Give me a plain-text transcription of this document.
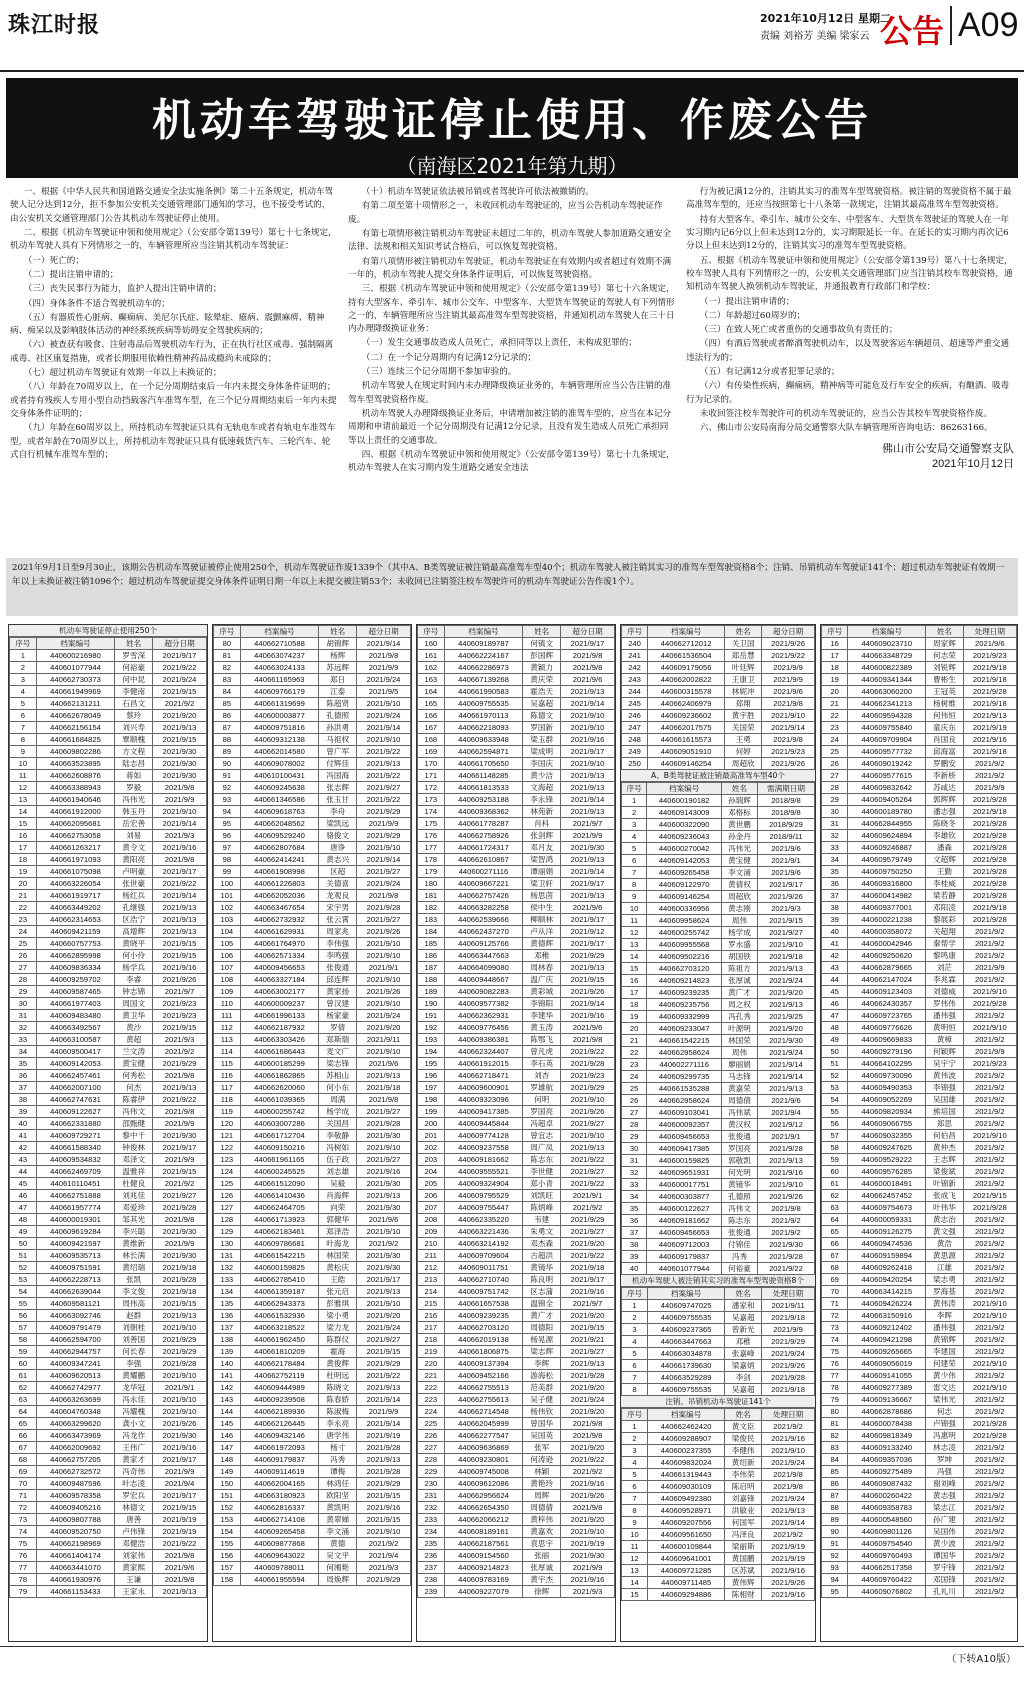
珠江时报	2021年10月12日 星期二
责编 刘裕芳 美编 梁家云 公告 A09
机动车驾驶证停止使用、作废公告
（南海区2021年第九期）

一、根据《中华人民共和国道路交通安全法实施条例》第二十五条规定，机动车驾驶人记分达到12分，拒不参加公安机关交通管理部门通知的学习，也不接受考试的，由公安机关交通管理部门公告其机动车驾驶证停止使用。

二、根据《机动车驾驶证申领和使用规定》（公安部令第139号）第七十七条规定，机动车驾驶人具有下列情形之一的，车辆管理所应当注销其机动车驾驶证：

（一）死亡的；

（二）提出注销申请的；

（三）丧失民事行为能力，监护人提出注销申请的；

（四）身体条件不适合驾驶机动车的；

（五）有器质性心脏病、癫痫病、美尼尔氏症、眩晕症、癔病、震颤麻痹、精神病、痴呆以及影响肢体活动的神经系统疾病等妨碍安全驾驶疾病的；

（六）被查获有吸食、注射毒品后驾驶机动车行为，正在执行社区戒毒、强制隔离戒毒、社区康复措施，或者长期服用依赖性精神药品成瘾尚未戒除的；

（七）超过机动车驾驶证有效期一年以上未换证的；

（八）年龄在70周岁以上，在一个记分周期结束后一年内未提交身体条件证明的；或者持有残疾人专用小型自动挡载客汽车准驾车型，在三个记分周期结束后一年内未提交身体条件证明的；

（九）年龄在60周岁以上，所持机动车驾驶证只具有无轨电车或者有轨电车准驾车型，或者年龄在70周岁以上，所持机动车驾驶证只具有低速载货汽车、三轮汽车、轮式自行机械车准驾车型的；

（十）机动车驾驶证依法被吊销或者驾驶许可依法被撤销的。

有第二项至第十项情形之一，未收回机动车驾驶证的，应当公告机动车驾驶证作废。

有第七项情形被注销机动车驾驶证未超过二年的，机动车驾驶人参加道路交通安全法律、法规和相关知识考试合格后，可以恢复驾驶资格。

有第八项情形被注销机动车驾驶证，机动车驾驶证在有效期内或者超过有效期不满一年的，机动车驾驶人提交身体条件证明后，可以恢复驾驶资格。

三、根据《机动车驾驶证申领和使用规定》（公安部令第139号）第七十六条规定，持有大型客车、牵引车、城市公交车、中型客车、大型货车驾驶证的驾驶人有下列情形之一的，车辆管理所应当注销其最高准驾车型驾驶资格，并通知机动车驾驶人在三十日内办理降级换证业务：

（一）发生交通事故造成人员死亡，承担同等以上责任，未构成犯罪的；

（二）在一个记分周期内有记满12分记录的；

（三）连续三个记分周期不参加审验的。

机动车驾驶人在规定时间内未办理降级换证业务的，车辆管理所应当公告注销的准驾车型驾驶资格作废。

机动车驾驶人办理降级换证业务后，申请增加被注销的准驾车型的，应当在本记分周期和申请前最近一个记分周期没有记满12分记录，且没有发生造成人员死亡承担同等以上责任的交通事故。

四、根据《机动车驾驶证申领和使用规定》（公安部令第139号）第七十九条规定，机动车驾驶人在实习期内发生道路交通安全违法

行为被记满12分的，注销其实习的准驾车型驾驶资格。被注销的驾驶资格不属于最高准驾车型的，还应当按照第七十八条第一款规定，注销其最高准驾车型驾驶资格。

持有大型客车、牵引车、城市公交车、中型客车、大型货车驾驶证的驾驶人在一年实习期内记6分以上但未达到12分的，实习期限延长一年。在延长的实习期内再次记6分以上但未达到12分的，注销其实习的准驾车型驾驶资格。

五、根据《机动车驾驶证申领和使用规定》（公安部令第139号）第八十七条规定，校车驾驶人具有下列情形之一的，公安机关交通管理部门应当注销其校车驾驶资格，通知机动车驾驶人换领机动车驾驶证，并通报教育行政部门和学校：

（一）提出注销申请的；

（二）年龄超过60周岁的；

（三）在致人死亡或者重伤的交通事故负有责任的；

（四）有酒后驾驶或者醉酒驾驶机动车，以及驾驶客运车辆超员、超速等严重交通违法行为的；

（五）有记满12分或者犯罪记录的；

（六）有传染性疾病，癫痫病，精神病等可能危及行车安全的疾病，有酗酒、吸毒行为记录的。

未收回签注校车驾驶许可的机动车驾驶证的，应当公告其校车驾驶资格作废。

六、佛山市公安局南海分局交通警察大队车辆管理所咨询电话：86263166。

佛山市公安局交通警察支队
2021年10月12日
2021年9月1日至9月30止，该期公告机动车驾驶证被停止使用250个，机动车驾驶证作废1339个（其中A、B类驾驶证被注销最高准驾车型40个；机动车驾驶人被注销其实习的准驾车型驾驶资格8个；注销、吊销机动车驾驶证141个；超过机动车驾驶证有效期一年以上未换证被注销1096个；超过机动车驾驶证提交身体条件证明日期一年以上未提交被注销53个；未收回已注销签注校车驾驶许可的机动车驾驶证公告作废1个）。
机动车驾驶证停止使用250个
序号	档案编号	姓名	超分日期
1	440600216980	罗雪深	2021/9/17
2	440601077944	何裕豪	2021/9/22
3	440662730373	何中昆	2021/9/24
4	440661949969	李健南	2021/9/15
5	440662131211	石昌文	2021/9/2
6	440662678049	蔡玲	2021/9/20
7	440662156154	刘兴寿	2021/9/13
8	440661684825	覃顺槐	2021/9/15
9	440609802286	方文程	2021/9/30
10	440663523895	陆志昌	2021/9/30
11	440662608876	蒋如	2021/9/30
12	440663388943	罗毅	2021/9/8
13	440661940646	冯伟光	2021/9/9
14	440661912000	韩玉丹	2021/9/10
15	440662095681	岳宏善	2021/9/14
16	440662753058	刘易	2021/9/3
17	440661263217	黄令文	2021/9/16
18	440661971093	黄阳亮	2021/9/8
19	440661075098	卢明豪	2021/9/17
20	440663226054	张世豪	2021/9/22
21	440661919717	杨红兵	2021/9/14
22	440663449202	孔继强	2021/9/13
23	440662314653	区浩宁	2021/9/13
24	440609421159	高增辉	2021/9/13
25	440660757753	黄晓平	2021/9/15
26	440662895998	何小伶	2021/9/15
27	440609836334	杨学兵	2021/9/16
28	440609259702	李睿	2021/9/26
29	440609587465	钟志锦	2021/9/7
30	440661977403	周国文	2021/9/23
31	440609483480	黄卫华	2021/9/23
32	440663492567	黄沙	2021/9/15
33	440663100587	黄超	2021/9/3
34	440609500417	兰文涛	2021/9/2
35	440609142053	黄宝健	2021/9/29
36	440662457461	何秀松	2021/9/8
37	440662007100	何杰	2021/9/13
38	440662747631	陈睿伊	2021/9/22
39	440609122627	冯伟文	2021/9/8
40	440662331880	邵甄健	2021/9/9
41	440609729271	黎中千	2021/9/30
42	440661588340	钟俊林	2021/9/17
43	440609534832	邓泽文	2021/9/9
44	440662469709	温雅祥	2021/9/15
45	440610110451	杜健良	2021/9/2
46	440662751888	刘兆佳	2021/9/27
47	440661957774	邓爱珍	2021/9/28
48	440600019301	邹其光	2021/9/8
49	440609619284	李兴聪	2021/9/30
50	440609421597	黄维新	2021/9/9
51	440609535713	林长满	2021/9/30
52	440609751591	黄绍瑞	2021/9/18
53	440662228713	张凯	2021/9/28
54	440662639044	李文俊	2021/9/18
55	440609581121	周伟高	2021/9/15
56	440663092746	赵群	2021/9/13
57	440609791479	刘朝桂	2021/9/10
58	440662594700	刘善国	2021/9/29
59	440662944757	何长春	2021/9/29
60	440609347241	李强	2021/9/28
61	440609620513	黄耀鹏	2021/9/10
62	440662742977	龙华冠	2021/9/1
63	440663263699	冯永佳	2021/9/10
64	440604760348	冯耀槐	2021/9/10
65	440663299620	龚小文	2021/9/26
66	440663473969	冯龙作	2021/9/30
67	440662009692	王伟广	2021/9/16
68	440662757205	黄家才	2021/9/17
69	440662732572	冯奇伟	2021/9/9
70	440609487596	叶志凌	2021/9/4
71	440609578358	罗宏兵	2021/9/17
72	440609405216	林德文	2021/9/15
73	440609807788	唐善	2021/9/19
74	440609520750	卢伟锋	2021/9/19
75	440662198969	邓健浩	2021/9/22
76	440661404174	刘家伟	2021/9/8
77	440663441070	黄家熙	2021/9/6
78	440661930976	王谦	2021/9/8
79	440661153433	王家永	2021/9/13
序号	档案编号	姓名	超分日期
80	440662710588	胡锦辉	2021/9/14
81	440663074237	杨辉	2021/9/8
82	440663024133	苏远辉	2021/9/9
83	440661165963	郑日	2021/9/24
84	440609766179	江泰	2021/9/5
85	440661319699	陈超贤	2021/9/10
86	440600003877	孔德照	2021/9/24
87	440609751816	孙洪勇	2021/9/14
88	440609312138	马祖权	2021/9/10
89	440662014580	曾广军	2021/9/22
90	440609078002	付辉佳	2021/9/13
91	440610100431	冯国海	2021/9/22
92	440609245638	张志辉	2021/9/27
93	440661346586	张玉甘	2021/9/22
94	440609618763	李舟	2021/9/29
95	440662048562	梁凯远	2021/9/9
96	440609529240	骆俊文	2021/9/29
97	440662807684	唐诤	2021/9/10
98	440662414241	黄志兴	2021/9/14
99	440661908998	区超	2021/9/27
100	440661226803	关德喜	2021/9/24
101	440662052036	龙观良	2021/9/8
102	440663467654	宋宇男	2021/9/28
103	440662732932	张云霄	2021/9/27
104	440661629931	周家兆	2021/9/26
105	440661764970	李伟强	2021/9/10
106	440662571334	李鸣强	2021/9/10
107	440609456653	张俊通	2021/9/1
108	440663327184	邱连辉	2021/9/10
109	440663002177	黄家扬	2021/9/26
110	440600009237	曾汉建	2021/9/10
111	440661996133	杨家豪	2021/9/24
112	440662187932	罗倩	2021/9/20
113	440663303426	郑斯瑞	2021/9/11
114	440661686443	麦文广	2021/9/10
115	440600185299	梁志锋	2021/9/6
116	440661862865	苏相山	2021/9/13
117	440662620060	何小东	2021/9/18
118	440661039365	周满	2021/9/8
119	440600255742	杨学成	2021/9/27
120	440603007286	关国昌	2021/9/28
121	440661712704	李敬静	2021/9/30
122	440609150216	冯树如	2021/9/10
123	440661961165	伍子政	2021/9/27
124	440600245525	刘志雄	2021/9/16
125	440661512090	吴毅	2021/9/30
126	440661410436	肖海辉	2021/9/13
127	440662464705	向荣	2021/9/30
128	440661713923	郭健华	2021/9/6
129	440662183461	郑泽浩	2021/9/10
130	440609786681	叶海龙	2021/9/2
131	440661542215	林国荣	2021/9/30
132	440600159825	黄松庆	2021/9/30
133	440662785410	王皓	2021/9/17
134	440661359187	张元启	2021/9/13
135	440662943373	彭雅琪	2021/9/10
136	440661532936	梁小勇	2021/9/20
137	440663218522	梁力龙	2021/9/24
138	440661962450	陈群仪	2021/9/27
139	440661810209	霍海	2021/9/15
140	440662178484	黄俊辉	2021/9/29
141	440662752119	杜明远	2021/9/22
142	440609444989	陈晓文	2021/9/13
143	440609239508	陈春娇	2021/9/14
144	440662189936	陈淑梅	2021/9/9
145	440662126445	李永亮	2021/9/14
146	440609432146	唐学伟	2021/9/19
147	440661972093	杨寸	2021/9/28
148	440609179837	冯秀	2021/9/13
149	440609114619	谭梅	2021/9/28
150	440662004165	林鸿任	2021/9/29
151	440663180923	欧阳坚	2021/9/15
152	440662816337	黄凯明	2021/9/16
153	440662714108	黄翠娣	2021/9/15
154	440609265458	李文涌	2021/9/10
155	440609877868	黄德	2021/9/2
156	440609643022	吴文平	2021/9/4
157	440609788011	何湘艳	2021/9/3
158	440661955594	周焕辉	2021/9/29
序号	档案编号	姓名	超分日期
160	440609189787	何镇文	2021/9/17
161	440662224167	彭国辉	2021/9/8
162	440662286973	黄颖力	2021/9/8
163	440667139268	黄庆荣	2021/9/6
164	440661990583	霍浩天	2021/9/13
165	440609755535	吴嘉超	2021/9/14
166	440661970113	陈德文	2021/9/10
167	440662218093	罗国新	2021/9/10
168	440609633948	梁玉群	2021/9/16
169	440662594871	梁成明	2021/9/17
170	440661705650	李国庆	2021/9/10
171	440661148285	黄少洁	2021/9/13
172	440661813533	文海超	2021/9/13
173	440609253188	李永锋	2021/9/14
174	440609368362	林苑新	2021/9/13
175	440661778287	肖科	2021/9/7
176	440662758926	张剑辉	2021/9/9
177	440661724317	邓月友	2021/9/30
178	440662610867	梁智鸿	2021/9/13
179	440600271116	谭丽娟	2021/9/14
180	440609667221	梁卫轩	2021/9/17
181	440662757426	杨思茵	2021/9/13
182	440663282258	侯中生	2021/9/6
183	440662539666	柳顺林	2021/9/17
184	440662437270	卢从洋	2021/9/12
185	440609125766	黄德辉	2021/9/17
186	440663447663	邓稚	2021/9/29
187	440664099080	周林春	2021/9/13
188	440609448667	温广庆	2021/9/15
189	440609082283	黄彩城	2021/9/26
190	440609577382	李锦阳	2021/9/14
191	440662362931	李建华	2021/9/16
192	440609776456	黄玉涛	2021/9/6
193	440609386381	陈鄂飞	2021/9/8
194	440662324407	曾凡虎	2021/9/22
195	440661912015	李石英	2021/9/28
196	440662718471	刘杏	2021/9/23
197	440609600901	罗雄航	2021/9/29
198	440609323096	何明	2021/9/10
199	440609417385	罗国亮	2021/9/26
200	440609445844	冯超卓	2021/9/27
201	440609774128	曾宜志	2021/9/10
202	440609237558	周广凤	2021/9/13
203	440609181662	陈志东	2021/9/22
204	440609555521	李世健	2021/9/27
205	440609324904	郑小青	2021/9/22
206	440609795529	刘凯旺	2021/9/1
207	440609755447	陈炳峰	2021/9/2
208	440662335220	韦建	2021/9/29
209	440663221436	朱勇文	2021/9/27
210	440663214192	邓杰森	2021/9/20
211	440609709604	古超洪	2021/9/22
212	440609011751	黄镜华	2021/9/18
213	440662710740	陈良明	2021/9/17
214	440609751742	区志蒲	2021/9/16
215	440661657538	温锦全	2021/9/7
216	440609239235	黄广才	2021/9/20
217	440662703120	周德阳	2021/9/15
218	440662019138	杨晃源	2021/9/21
219	440661806875	梁志辉	2021/9/27
220	440609137394	李辉	2021/9/13
221	440609452166	游海松	2021/9/28
222	440662755513	范美群	2021/9/20
223	440662755613	吴子健	2021/9/24
224	440662714548	杨伟钦	2021/9/20
225	440662045999	曾国华	2021/9/8
226	440662277547	吴国英	2021/9/8
227	440609636869	张军	2021/9/20
228	440609230801	何涛逊	2021/9/22
229	440609745008	林颖	2021/9/2
230	440609612086	黄艳玲	2021/9/16
231	440662956624	周辉	2021/9/26
232	440662654350	周德倩	2021/9/8
233	440662066212	黄梓伟	2021/9/20
234	440608189161	黄嘉欢	2021/9/10
235	440662187561	袁思宇	2021/9/19
236	440609154560	张丽	2021/9/30
237	440609214823	张厚诚	2021/9/9
238	440609783169	黄宇杰	2021/9/16
239	440609227079	徐辉	2021/9/3
序号	档案编号	姓名	超分日期
240	440662712012	关卫国	2021/9/26
241	440661536504	郑岳慧	2021/9/22
242	440609179056	叶廷辉	2021/9/9
243	440662002822	王康卫	2021/9/9
244	440600315578	林妮冲	2021/9/6
245	440662406979	郑翔	2021/9/8
246	440609236602	黄宇胜	2021/9/10
247	440662017575	关国荣	2021/9/14
248	440661615573	王勇	2021/9/8
249	440609051910	何婷	2021/9/23
250	440609146254	周超欣	2021/9/26
A、B类驾驶证被注销最高准驾车型40个
序号	档案编号	姓名	需满期日期
1	440600190182	孙瑞辉	2018/9/8
2	440609143009	邓格标	2018/9/8
3	440600322090	黄世鹏	2018/9/29
4	440609236043	孙金丹	2018/9/11
5	440600270042	冯伟光	2021/9/6
6	440609142053	黄宝健	2021/9/1
7	440609265458	李文涌	2021/9/6
8	440609122970	黄倩权	2021/9/17
9	440609146254	周超欣	2021/9/26
10	440600336956	黄志刚	2021/9/3
11	440609958624	周伟	2021/9/15
12	440600255742	杨学成	2021/9/27
13	440609955568	罗水盛	2021/9/10
14	440609502216	胡国铁	2021/9/18
15	440662703120	陈祖方	2021/9/13
16	440609214823	张厚诚	2021/9/24
17	440609239235	黄广才	2021/9/20
18	440609235756	周之权	2021/9/13
19	440609332999	冯孔秀	2021/9/25
20	440609233047	叶源明	2021/9/20
21	440661542215	林国荣	2021/9/30
22	440662958624	周伟	2021/9/24
23	440602271116	廖丽娟	2021/9/14
24	440609299735	马志锋	2021/9/14
25	440661535288	黄嘉荣	2021/9/13
26	440662958624	周德倩	2021/9/6
27	440609103041	冯伟斌	2021/9/4
28	440600092357	黄汉权	2021/9/12
29	440609456653	张俊通	2021/9/1
30	440609417385	罗国亮	2021/9/28
31	440600159825	郭敬凯	2021/9/13
32	440609651931	何光明	2021/9/16
33	440600017751	黄镜华	2021/9/10
34	440600303877	孔德照	2021/9/26
35	440600122627	冯伟文	2021/9/8
36	440609181662	陈志东	2021/9/2
37	440609456653	张俊通	2021/9/2
38	440609712003	付锦佳	2021/9/30
39	440609179837	冯秀	2021/9/28
40	440601077944	何裕豪	2021/9/22
机动车驾驶人被注销其实习的准驾车型驾驶资格8个
序号	档案编号	姓名	处理日期
1	440609747025	潘家和	2021/9/11
2	440609755535	吴嘉超	2021/9/18
3	440609237365	曾新光	2021/9/9
4	440663447663	邓稚	2021/9/29
5	440663034878	张嘉峰	2021/9/24
6	440661739630	梁嘉炳	2021/9/26
7	440663529289	李剑	2021/9/28
8	440609755535	吴嘉超	2021/9/18
注销、吊销机动车驾驶证141个
序号	档案编号	姓名	处理日期
1	440662462420	黄文臣	2021/9/2
2	440609288907	梁俊民	2021/9/16
3	440600237355	李健伟	2021/9/10
4	440609832024	黄绍新	2021/9/24
5	440661319443	李伟荣	2021/9/8
6	440609030109	陈启明	2021/9/8
7	440609492380	刘嘉锋	2021/9/24
8	440609528971	洪敏业	2021/9/13
9	440609207556	何国军	2021/9/14
10	440609561650	冯泽良	2021/9/2
11	440600109844	梁丽斯	2021/9/19
12	440609641001	黄国鹏	2021/9/19
13	440609721285	区苏斌	2021/9/16
14	440609711485	黄伟辉	2021/9/26
15	440609294886	陈相财	2021/9/16
序号	档案编号	姓名	处理日期
16	440609023710	周家辉	2021/9/6
17	440663348729	何志荣	2021/9/23
18	440600822389	刘锐辉	2021/9/18
19	440609341344	曹彬生	2021/9/18
20	440663060200	王冠英	2021/9/28
21	440662341213	杨树维	2021/9/18
22	440609594328	何伟恒	2021/9/13
23	440609755840	童庆东	2021/9/19
24	440609709904	肖国良	2021/9/16
25	440609577732	邱海富	2021/9/18
26	440609019242	罗鹏安	2021/9/2
27	440609577615	李新桥	2021/9/2
28	440609832642	苏咸达	2021/9/9
29	440609405264	郭辉辉	2021/9/28
30	440600189780	潘志强	2021/9/18
31	440662844955	陈晓冬	2021/9/28
32	440609624894	李雄钦	2021/9/28
33	440609246887	潘森	2021/9/28
34	440609579749	文超辉	2021/9/28
35	440609750250	王勤	2021/9/28
36	440609316800	李桂威	2021/9/28
37	440600414982	梁若静	2021/9/28
38	440609377001	邓阳凌	2021/9/18
39	440600221238	黎展彩	2021/9/28
40	440600358072	关超翔	2021/9/2
41	440600042946	秦帮学	2021/9/2
42	440609250620	黎鸣康	2021/9/2
43	440662879665	刘茫	2021/9/9
44	440662147024	李兆霖	2021/9/2
45	440609123403	刘德威	2021/9/10
46	440662430357	罗伟伟	2021/9/28
47	440609723765	潘伟强	2021/9/2
48	440609776626	黄明恒	2021/9/10
49	440609669833	黄樟	2021/9/2
50	440609279196	何颖辉	2021/9/9
51	440664102295	吴宇宁	2021/9/23
52	440609730096	黄伟波	2021/9/2
53	440609490353	李锦强	2021/9/2
54	440609052269	吴国雄	2021/9/2
55	440609820934	熊培国	2021/9/2
56	440609066755	郑思	2021/9/2
57	440609032355	何伯昌	2021/9/10
58	440609247625	黄仲杰	2021/9/2
59	440609529222	王志辉	2021/9/2
60	440609576285	梁俊斌	2021/9/2
61	440600018491	叶锦新	2021/9/2
62	440662457452	张成飞	2021/9/15
63	440609754673	叶伟华	2021/9/28
64	440600059331	黄志治	2021/9/2
65	440609126275	黄文强	2021/9/2
66	440609474536	黄浩	2021/9/2
67	440609159894	黄思源	2021/9/2
68	440609262418	江雄	2021/9/2
69	440609420254	梁志勇	2021/9/2
70	440663414215	罗海基	2021/9/2
71	440609426224	黄伟涛	2021/9/10
72	440663150916	李晖	2021/9/10
73	440609212402	潘伟强	2021/9/2
74	440609421298	黄锦辉	2021/9/2
75	440609265665	李建国	2021/9/2
76	440609056019	何建荣	2021/9/10
77	440609141055	黄少伟	2021/9/2
78	440609277389	雷文达	2021/9/10
79	440609136667	梁伟光	2021/9/2
80	440662878686	何志	2021/9/2
81	440600078438	卢锦强	2021/9/28
82	440609818349	冯惠明	2021/9/28
83	440609133240	林志凌	2021/9/2
84	440609357036	罗坤	2021/9/2
85	440609275489	冯强	2021/9/2
86	440609087432	谢刘峰	2021/9/2
87	440600260422	黄志强	2021/9/2
88	440609358783	梁志江	2021/9/2
89	440600548560	孙广建	2021/9/2
90	440609801126	吴国伟	2021/9/2
91	440609754540	黄少波	2021/9/2
92	440609760493	谭国华	2021/9/2
93	440662517358	罗宇锋	2021/9/2
94	440609760422	邓国锋	2021/9/2
95	440609076802	孔礼川	2021/9/2
（下转A10版）
